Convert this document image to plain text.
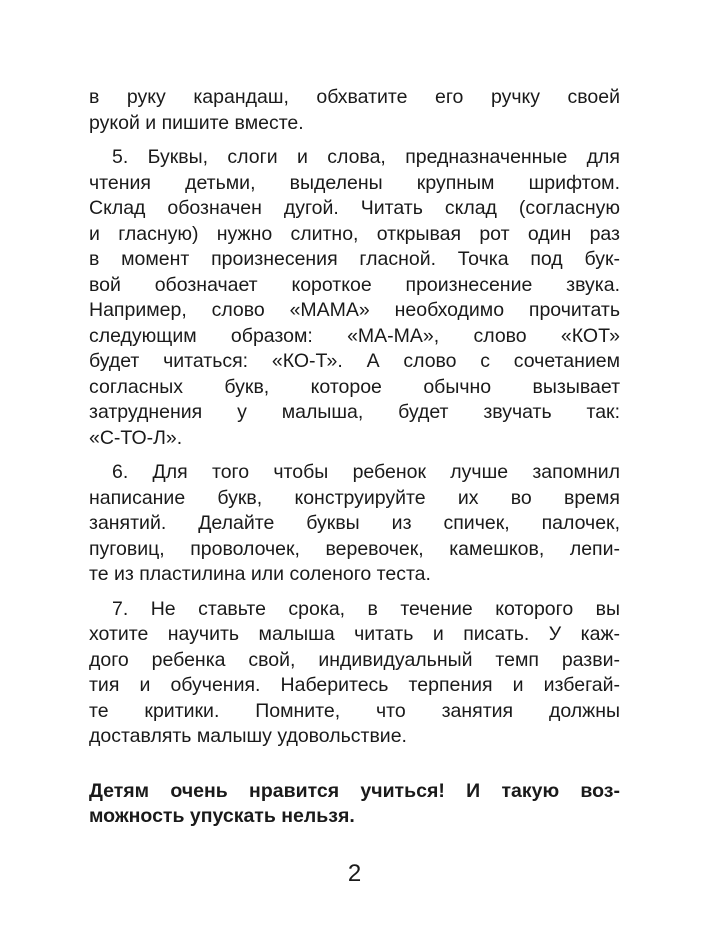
в руку карандаш, обхватите его ручку своей
рукой и пишите вместе.

5. Буквы, слоги и слова, предназначенные для
чтения детьми, выделены крупным шрифтом.
Склад обозначен дугой. Читать склад (согласную
и гласную) нужно слитно, открывая рот один раз
в момент произнесения гласной. Точка под бук-
вой обозначает короткое произнесение звука.
Например, слово «МАМА» необходимо прочитать
следующим образом: «МА-МА», слово «КОТ»
будет читаться: «КО-Т». А слово с сочетанием
согласных букв, которое обычно вызывает
затруднения у малыша, будет звучать так:
«С-ТО-Л».

6. Для того чтобы ребенок лучше запомнил
написание букв, конструируйте их во время
занятий. Делайте буквы из спичек, палочек,
пуговиц, проволочек, веревочек, камешков, лепи-
те из пластилина или соленого теста.

7. Не ставьте срока, в течение которого вы
хотите научить малыша читать и писать. У каж-
дого ребенка свой, индивидуальный темп разви-
тия и обучения. Наберитесь терпения и избегай-
те критики. Помните, что занятия должны
доставлять малышу удовольствие.

Детям очень нравится учиться! И такую воз-
можность упускать нельзя.

2
